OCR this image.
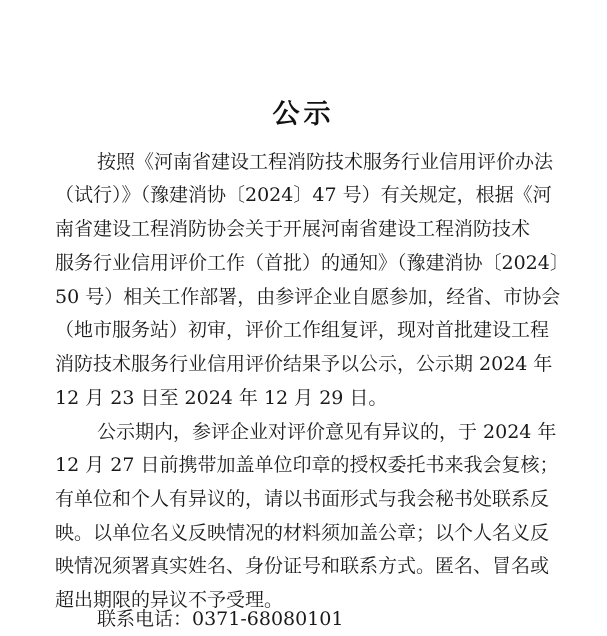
公示
按照《河南省建设工程消防技术服务行业信用评价办法
（试行）》（豫建消协〔2024〕47 号）有关规定，根据《河
南省建设工程消防协会关于开展河南省建设工程消防技术
服务行业信用评价工作（首批）的通知》（豫建消协〔2024〕
50 号）相关工作部署，由参评企业自愿参加，经省、市协会
（地市服务站）初审，评价工作组复评，现对首批建设工程
消防技术服务行业信用评价结果予以公示，公示期 2024 年
12 月 23 日至 2024 年 12 月 29 日。
公示期内，参评企业对评价意见有异议的，于 2024 年
12 月 27 日前携带加盖单位印章的授权委托书来我会复核；
有单位和个人有异议的，请以书面形式与我会秘书处联系反
映。以单位名义反映情况的材料须加盖公章；以个人名义反
映情况须署真实姓名、身份证号和联系方式。匿名、冒名或
超出期限的异议不予受理。
联系电话：0371-68080101
